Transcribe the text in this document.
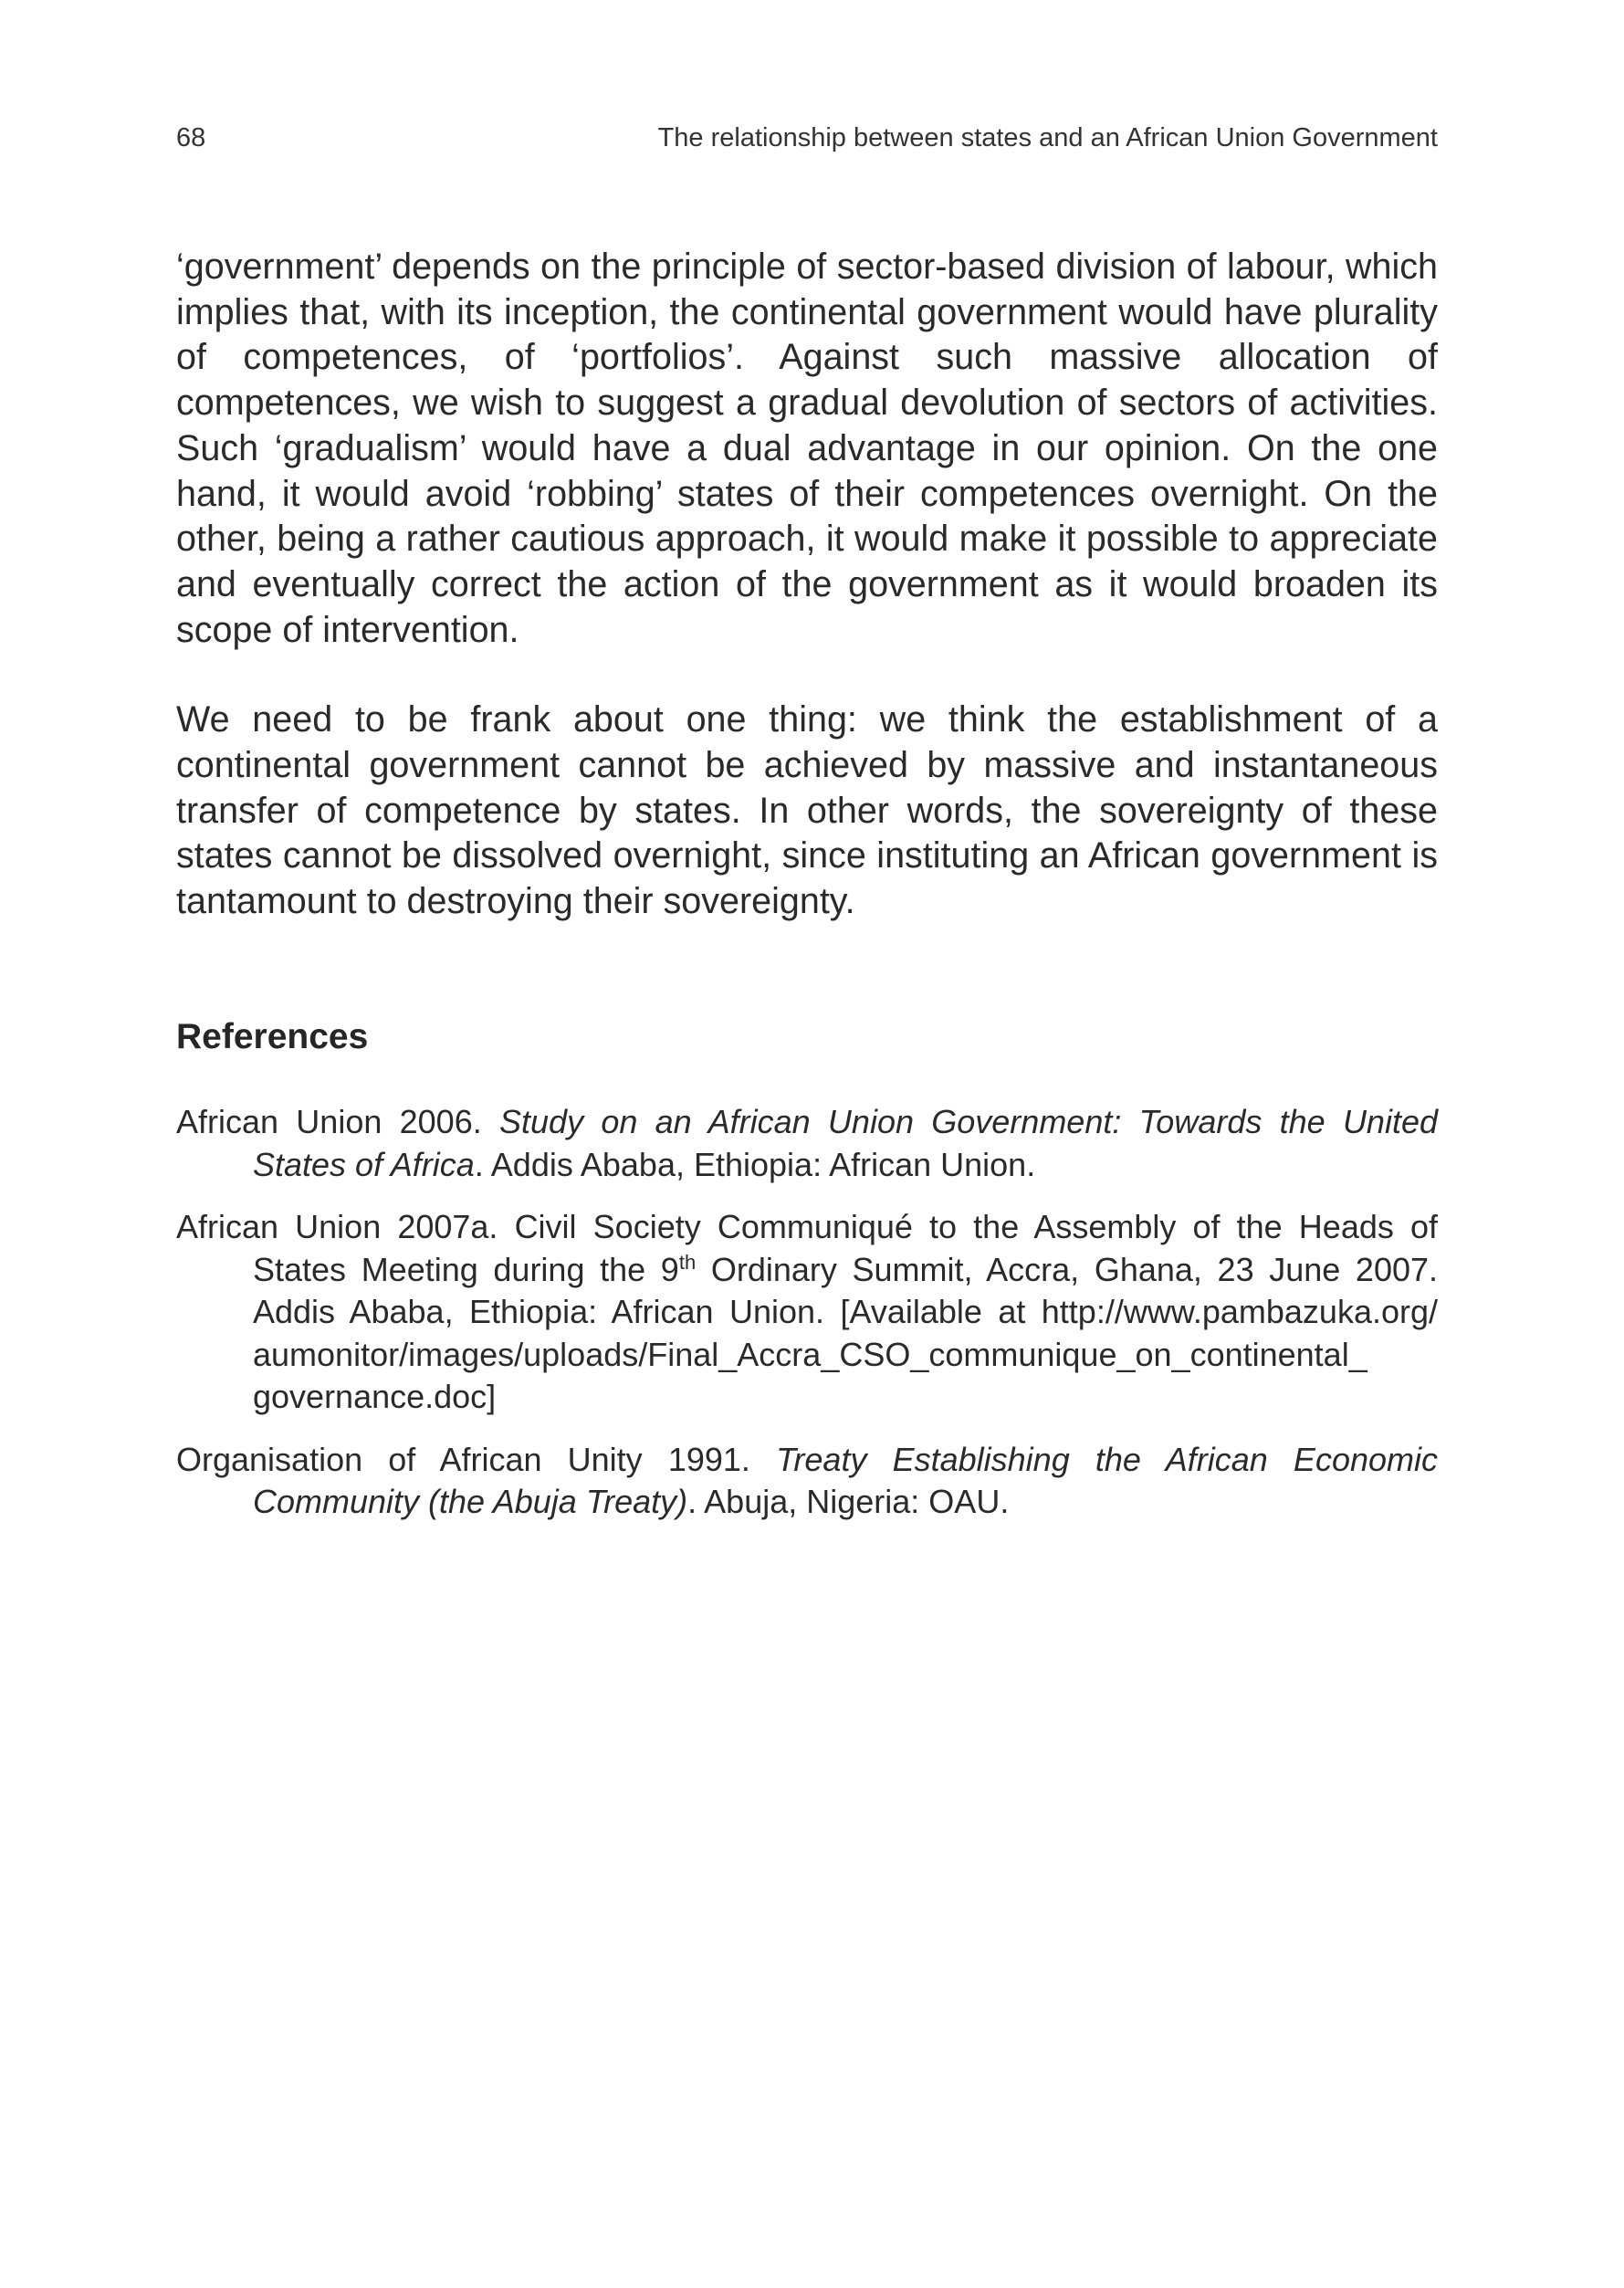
68	The relationship between states and an African Union Government

‘government’ depends on the principle of sector-based division of labour, which implies that, with its inception, the continental government would have plurality of competences, of ‘portfolios’. Against such massive allocation of competences, we wish to suggest a gradual devolution of sectors of activities. Such ‘gradualism’ would have a dual advantage in our opinion. On the one hand, it would avoid ‘robbing’ states of their competences overnight. On the other, being a rather cautious approach, it would make it possible to appreciate and eventually correct the action of the government as it would broaden its scope of intervention.

We need to be frank about one thing: we think the establishment of a continental government cannot be achieved by massive and instantaneous transfer of competence by states. In other words, the sovereignty of these states cannot be dissolved overnight, since instituting an African government is tantamount to destroying their sovereignty.

References

African Union 2006. Study on an African Union Government: Towards the United States of Africa. Addis Ababa, Ethiopia: African Union.

African Union 2007a. Civil Society Communiqué to the Assembly of the Heads of States Meeting during the 9th Ordinary Summit, Accra, Ghana, 23 June 2007. Addis Ababa, Ethiopia: African Union. [Available at http://www.pambazuka.org/ aumonitor/images/uploads/Final_Accra_CSO_communique_on_continental_ governance.doc]

Organisation of African Unity 1991. Treaty Establishing the African Economic Community (the Abuja Treaty). Abuja, Nigeria: OAU.
